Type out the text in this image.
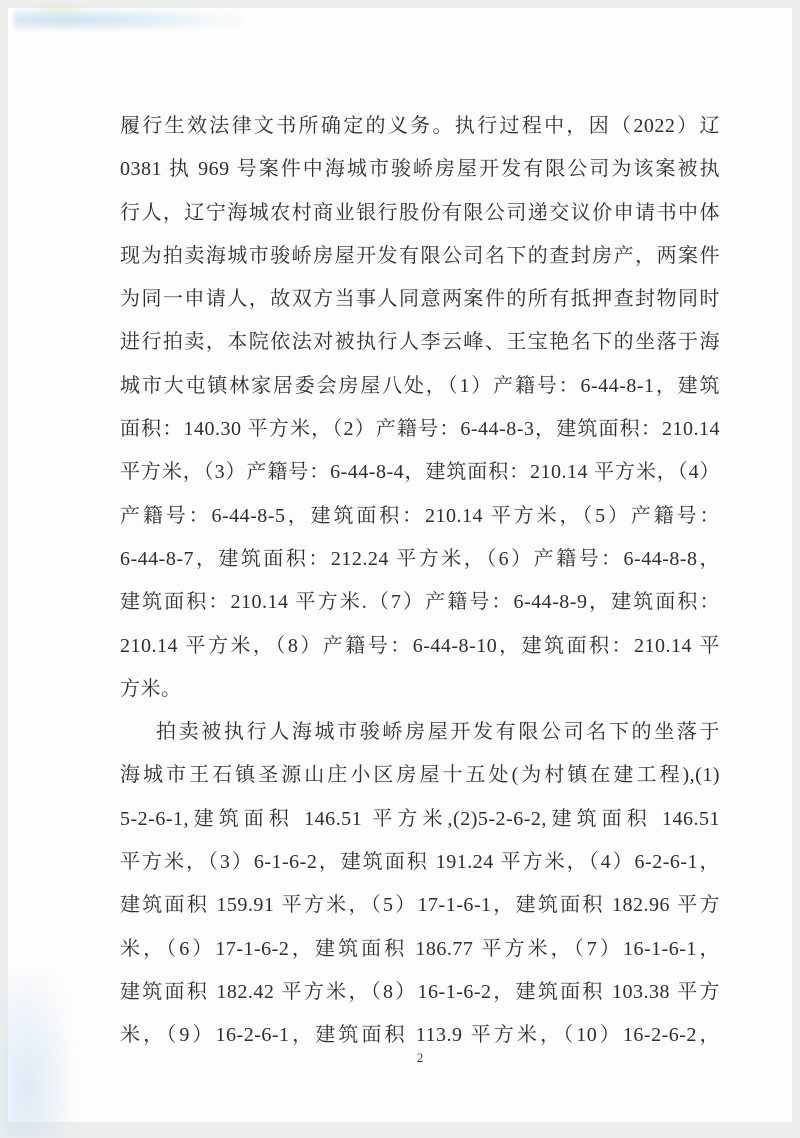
履行生效法律文书所确定的义务。执行过程中，因（2022）辽
0381 执 969 号案件中海城市骏峤房屋开发有限公司为该案被执
行人，辽宁海城农村商业银行股份有限公司递交议价申请书中体
现为拍卖海城市骏峤房屋开发有限公司名下的查封房产，两案件
为同一申请人，故双方当事人同意两案件的所有抵押查封物同时
进行拍卖，本院依法对被执行人李云峰、王宝艳名下的坐落于海
城市大屯镇林家居委会房屋八处，（1）产籍号：6-44-8-1，建筑
面积：140.30 平方米，（2）产籍号：6-44-8-3，建筑面积：210.14
平方米，（3）产籍号：6-44-8-4，建筑面积：210.14 平方米，（4）
产籍号：6-44-8-5，建筑面积：210.14 平方米，（5）产籍号：
6-44-8-7，建筑面积：212.24 平方米，（6）产籍号：6-44-8-8，
建筑面积：210.14 平方米.（7）产籍号：6-44-8-9，建筑面积：
210.14 平方米，（8）产籍号：6-44-8-10，建筑面积：210.14 平
方米。
拍卖被执行人海城市骏峤房屋开发有限公司名下的坐落于
海城市王石镇圣源山庄小区房屋十五处(为村镇在建工程),(1)
5-2-6-1,建筑面积 146.51 平方米,(2)5-2-6-2,建筑面积 146.51
平方米，（3）6-1-6-2，建筑面积 191.24 平方米，（4）6-2-6-1，
建筑面积 159.91 平方米，（5）17-1-6-1，建筑面积 182.96 平方
米，（6）17-1-6-2，建筑面积 186.77 平方米，（7）16-1-6-1，
建筑面积 182.42 平方米，（8）16-1-6-2，建筑面积 103.38 平方
米，（9）16-2-6-1，建筑面积 113.9 平方米，（10）16-2-6-2，
2
